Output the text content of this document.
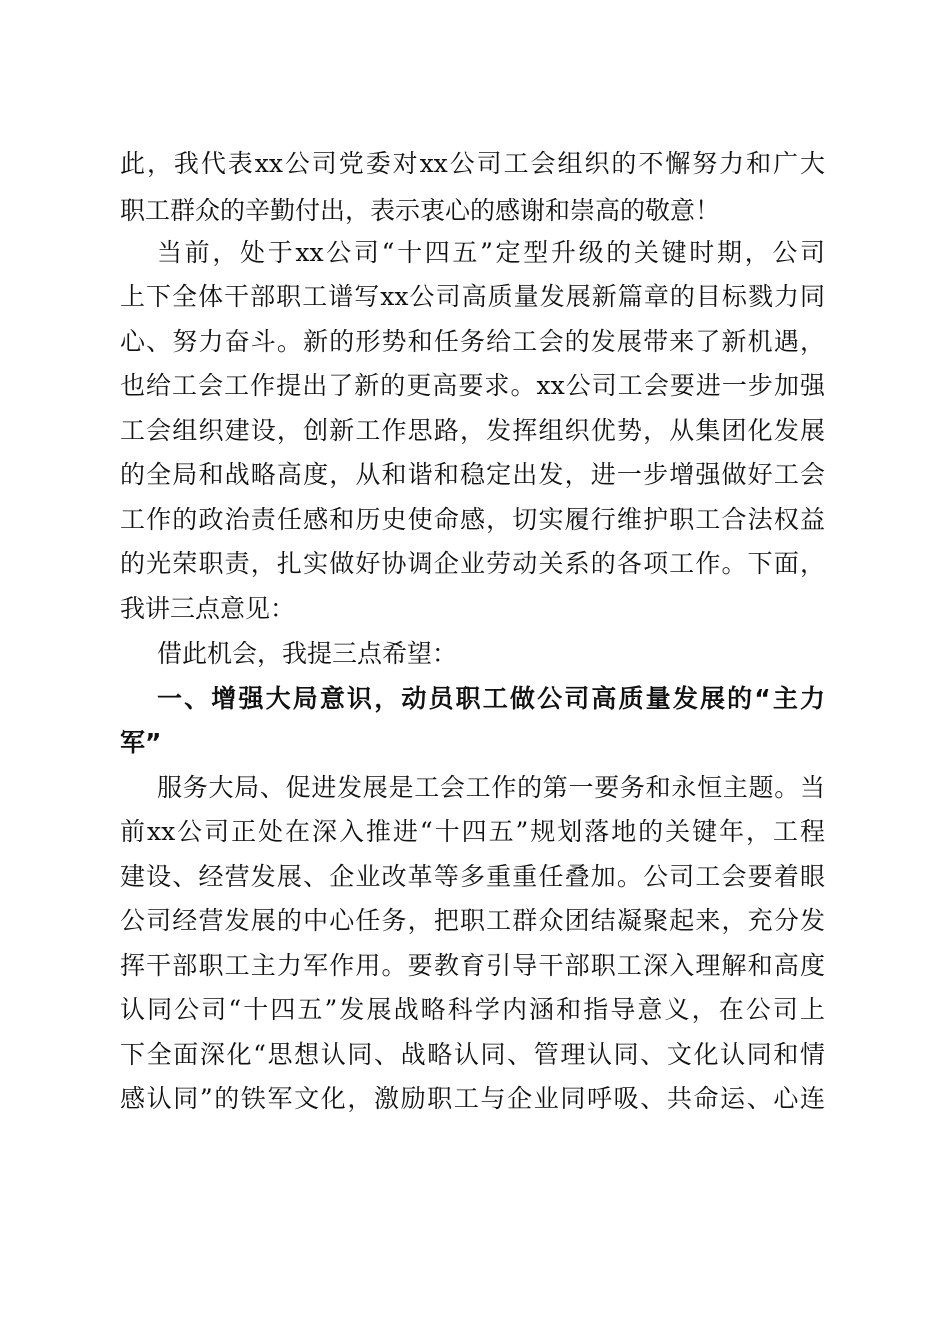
此，我代表xx公司党委对xx公司工会组织的不懈努力和广大
职工群众的辛勤付出，表示衷心的感谢和崇高的敬意！
当前，处于xx公司“十四五”定型升级的关键时期，公司
上下全体干部职工谱写xx公司高质量发展新篇章的目标戮力同
心、努力奋斗。新的形势和任务给工会的发展带来了新机遇，
也给工会工作提出了新的更高要求。xx公司工会要进一步加强
工会组织建设，创新工作思路，发挥组织优势，从集团化发展
的全局和战略高度，从和谐和稳定出发，进一步增强做好工会
工作的政治责任感和历史使命感，切实履行维护职工合法权益
的光荣职责，扎实做好协调企业劳动关系的各项工作。下面，
我讲三点意见：
借此机会，我提三点希望：
一、增强大局意识，动员职工做公司高质量发展的“主力
军”
服务大局、促进发展是工会工作的第一要务和永恒主题。当
前xx公司正处在深入推进“十四五”规划落地的关键年，工程
建设、经营发展、企业改革等多重重任叠加。公司工会要着眼
公司经营发展的中心任务，把职工群众团结凝聚起来，充分发
挥干部职工主力军作用。要教育引导干部职工深入理解和高度
认同公司“十四五”发展战略科学内涵和指导意义，在公司上
下全面深化“思想认同、战略认同、管理认同、文化认同和情
感认同”的铁军文化，激励职工与企业同呼吸、共命运、心连
